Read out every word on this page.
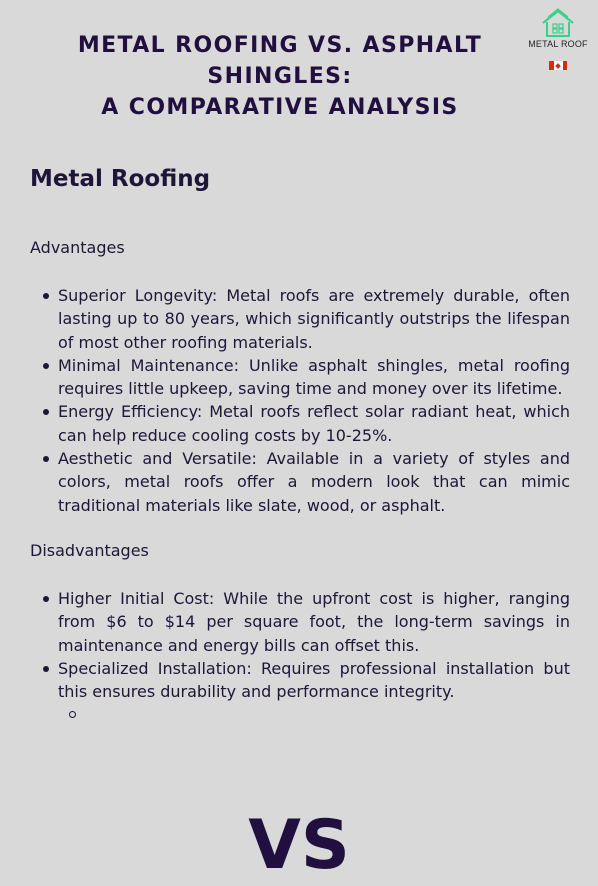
METAL ROOFING VS. ASPHALT SHINGLES:
A COMPARATIVE ANALYSIS
METAL ROOF
Metal Roofing
Advantages
Superior Longevity: Metal roofs are extremely durable, often lasting up to 80 years, which significantly outstrips the lifespan of most other roofing materials.
Minimal Maintenance: Unlike asphalt shingles, metal roofing requires little upkeep, saving time and money over its lifetime.
Energy Efficiency: Metal roofs reflect solar radiant heat, which can help reduce cooling costs by 10-25%.
Aesthetic and Versatile: Available in a variety of styles and colors, metal roofs offer a modern look that can mimic traditional materials like slate, wood, or asphalt.
Disadvantages
Higher Initial Cost: While the upfront cost is higher, ranging from $6 to $14 per square foot, the long-term savings in maintenance and energy bills can offset this.
Specialized Installation: Requires professional installation but this ensures durability and performance integrity.
VS
